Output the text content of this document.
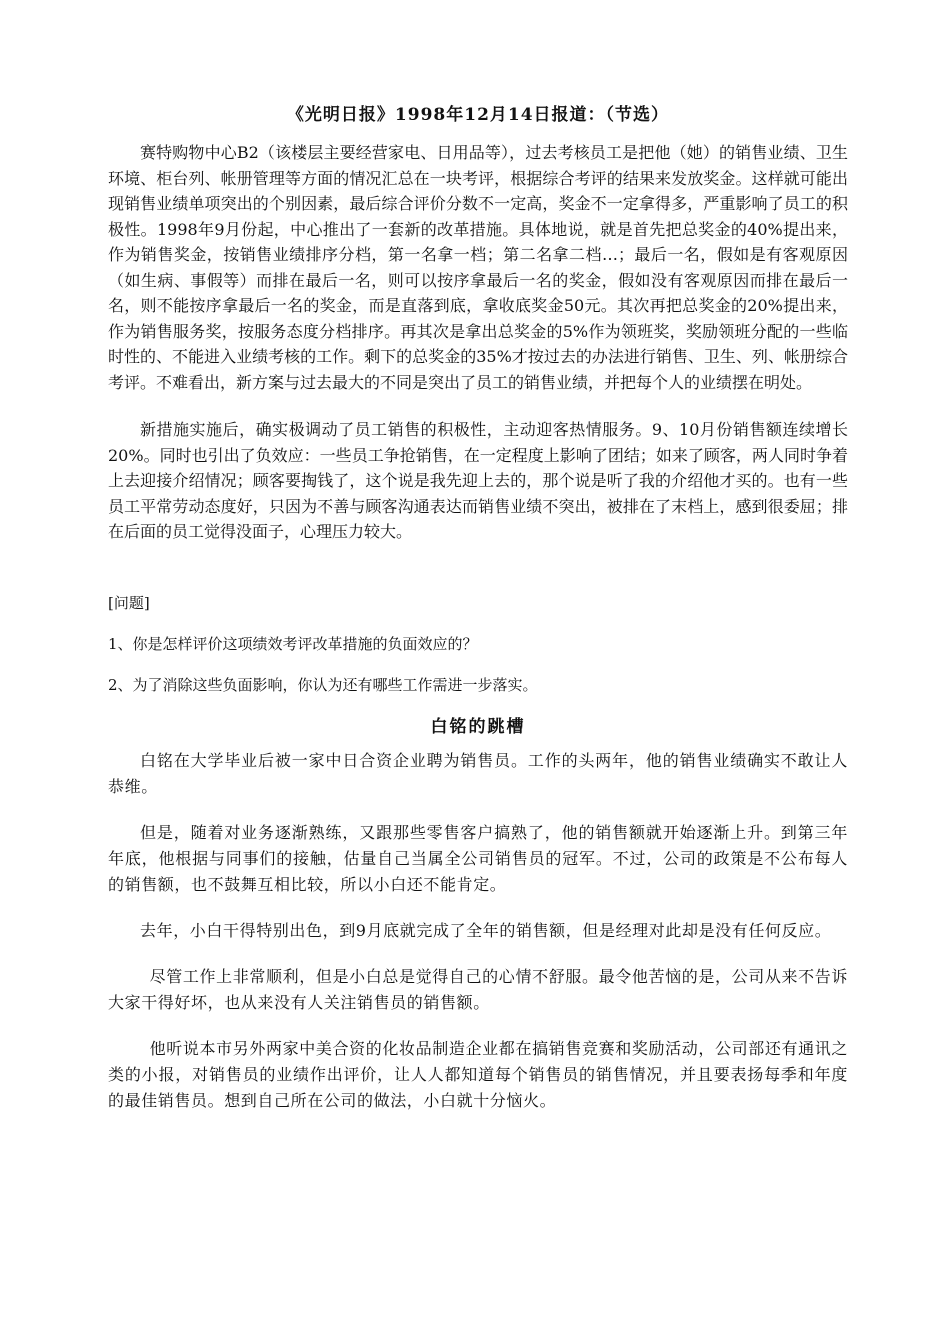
《光明日报》1998年12月14日报道：（节选）

赛特购物中心B2（该楼层主要经营家电、日用品等），过去考核员工是把他（她）的销售业绩、卫生环境、柜台列、帐册管理等方面的情况汇总在一块考评，根据综合考评的结果来发放奖金。这样就可能出现销售业绩单项突出的个别因素，最后综合评价分数不一定高，奖金不一定拿得多，严重影响了员工的积极性。1998年9月份起，中心推出了一套新的改革措施。具体地说，就是首先把总奖金的40%提出来，作为销售奖金，按销售业绩排序分档，第一名拿一档；第二名拿二档…；最后一名，假如是有客观原因（如生病、事假等）而排在最后一名，则可以按序拿最后一名的奖金，假如没有客观原因而排在最后一名，则不能按序拿最后一名的奖金，而是直落到底，拿收底奖金50元。其次再把总奖金的20%提出来，作为销售服务奖，按服务态度分档排序。再其次是拿出总奖金的5%作为领班奖，奖励领班分配的一些临时性的、不能进入业绩考核的工作。剩下的总奖金的35%才按过去的办法进行销售、卫生、列、帐册综合考评。不难看出，新方案与过去最大的不同是突出了员工的销售业绩，并把每个人的业绩摆在明处。

新措施实施后，确实极调动了员工销售的积极性，主动迎客热情服务。9、10月份销售额连续增长20%。同时也引出了负效应：一些员工争抢销售，在一定程度上影响了团结；如来了顾客，两人同时争着上去迎接介绍情况；顾客要掏钱了，这个说是我先迎上去的，那个说是听了我的介绍他才买的。也有一些员工平常劳动态度好，只因为不善与顾客沟通表达而销售业绩不突出，被排在了末档上，感到很委屈；排在后面的员工觉得没面子，心理压力较大。

[问题]

1、你是怎样评价这项绩效考评改革措施的负面效应的？

2、为了消除这些负面影响，你认为还有哪些工作需进一步落实。

白铭的跳槽

白铭在大学毕业后被一家中日合资企业聘为销售员。工作的头两年，他的销售业绩确实不敢让人恭维。

但是，随着对业务逐渐熟练，又跟那些零售客户搞熟了，他的销售额就开始逐渐上升。到第三年年底，他根据与同事们的接触，估量自己当属全公司销售员的冠军。不过，公司的政策是不公布每人的销售额，也不鼓舞互相比较，所以小白还不能肯定。

去年，小白干得特别出色，到9月底就完成了全年的销售额，但是经理对此却是没有任何反应。

尽管工作上非常顺利，但是小白总是觉得自己的心情不舒服。最令他苦恼的是，公司从来不告诉大家干得好坏，也从来没有人关注销售员的销售额。

他听说本市另外两家中美合资的化妆品制造企业都在搞销售竞赛和奖励活动，公司部还有通讯之类的小报，对销售员的业绩作出评价，让人人都知道每个销售员的销售情况，并且要表扬每季和年度的最佳销售员。想到自己所在公司的做法，小白就十分恼火。
